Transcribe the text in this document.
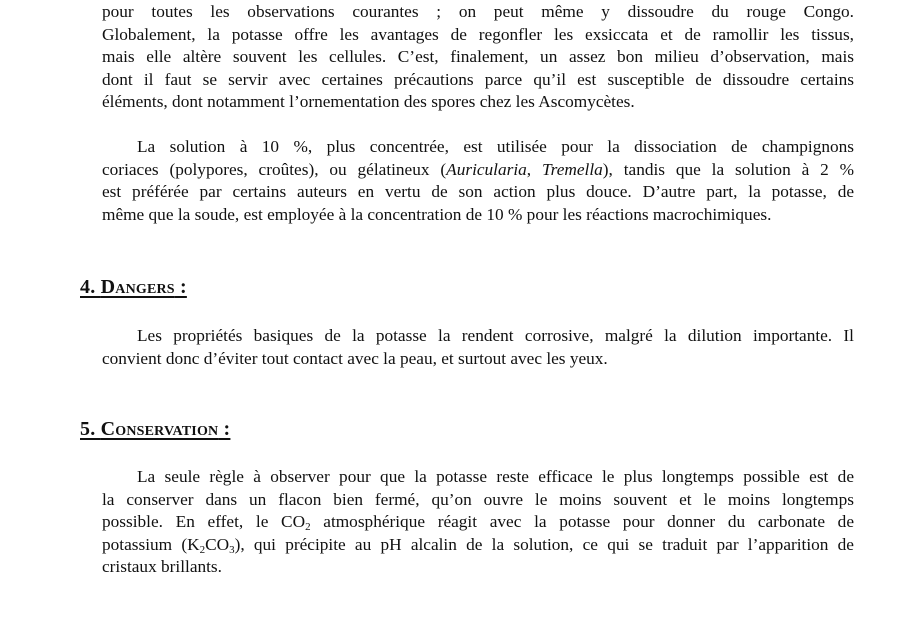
pour toutes les observations courantes ; on peut même y dissoudre du rouge Congo.
Globalement, la potasse offre les avantages de regonfler les exsiccata et de ramollir les tissus,
mais elle altère souvent les cellules. C’est, finalement, un assez bon milieu d’observation, mais
dont il faut se servir avec certaines précautions parce qu’il est susceptible de dissoudre certains
éléments, dont notamment l’ornementation des spores chez les Ascomycètes.
La solution à 10 %, plus concentrée, est utilisée pour la dissociation de champignons
coriaces (polypores, croûtes), ou gélatineux (Auricularia, Tremella), tandis que la solution à 2 %
est préférée par certains auteurs en vertu de son action plus douce. D’autre part, la potasse, de
même que la soude, est employée à la concentration de 10 % pour les réactions macrochimiques.
4. Dangers :
Les propriétés basiques de la potasse la rendent corrosive, malgré la dilution importante. Il
convient donc d’éviter tout contact avec la peau, et surtout avec les yeux.
5. Conservation :
La seule règle à observer pour que la potasse reste efficace le plus longtemps possible est de
la conserver dans un flacon bien fermé, qu’on ouvre le moins souvent et le moins longtemps
possible. En effet, le $CO_2$ atmosphérique réagit avec la potasse pour donner du carbonate de
potassium $(K_2CO_3)$, qui précipite au pH alcalin de la solution, ce qui se traduit par l’apparition de
cristaux brillants.
